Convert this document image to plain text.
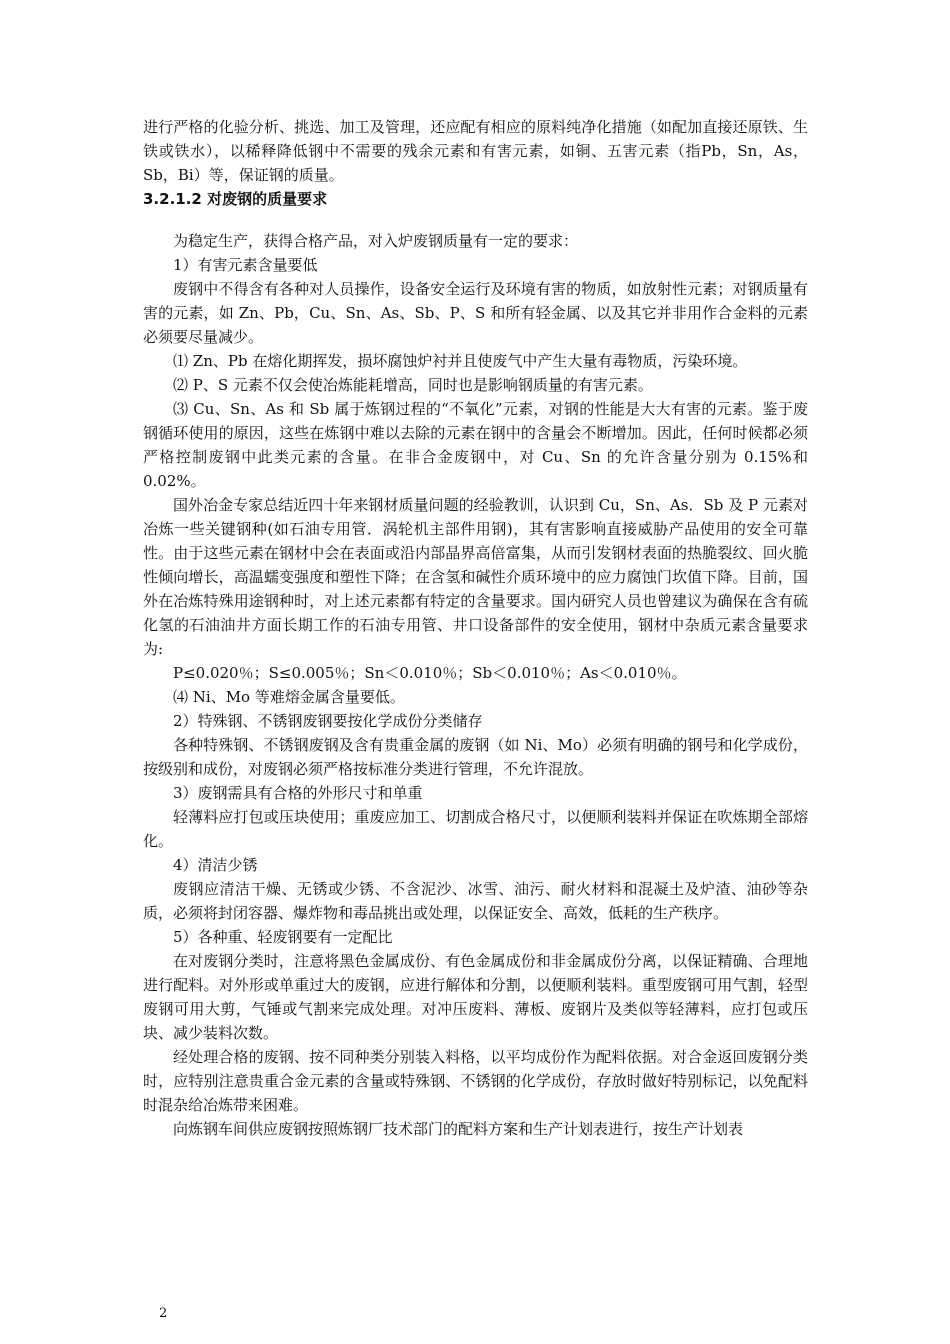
进行严格的化验分析、挑选、加工及管理，还应配有相应的原料纯净化措施（如配加直接还原铁、生铁或铁水），以稀释降低钢中不需要的残余元素和有害元素，如铜、五害元素（指Pb，Sn，As，Sb，Bi）等，保证钢的质量。

3.2.1.2 对废钢的质量要求

为稳定生产，获得合格产品，对入炉废钢质量有一定的要求：

1）有害元素含量要低

废钢中不得含有各种对人员操作，设备安全运行及环境有害的物质，如放射性元素；对钢质量有害的元素，如 Zn、Pb，Cu、Sn、As、Sb、P、S 和所有轻金属、以及其它并非用作合金料的元素必须要尽量减少。

⑴ Zn、Pb 在熔化期挥发，损坏腐蚀炉衬并且使废气中产生大量有毒物质，污染环境。

⑵ P、S 元素不仅会使冶炼能耗增高，同时也是影响钢质量的有害元素。

⑶ Cu、Sn、As 和 Sb 属于炼钢过程的“不氧化”元素，对钢的性能是大大有害的元素。鉴于废钢循环使用的原因，这些在炼钢中难以去除的元素在钢中的含量会不断增加。因此，任何时候都必须严格控制废钢中此类元素的含量。在非合金废钢中，对 Cu、Sn 的允许含量分别为 0.15%和 0.02%。

国外冶金专家总结近四十年来钢材质量问题的经验教训，认识到 Cu，Sn、As．Sb 及 P 元素对冶炼一些关键钢种(如石油专用管．涡轮机主部件用钢)，其有害影响直接威胁产品使用的安全可靠性。由于这些元素在钢材中会在表面或沿内部晶界高倍富集，从而引发钢材表面的热脆裂纹、回火脆性倾向增长，高温蠕变强度和塑性下降；在含氢和碱性介质环境中的应力腐蚀门坎值下降。目前，国外在冶炼特殊用途钢种时，对上述元素都有特定的含量要求。国内研究人员也曾建议为确保在含有硫化氢的石油油井方面长期工作的石油专用管、井口设备部件的安全使用，钢材中杂质元素含量要求为:

P≤0.020％；S≤0.005％；Sn＜0.010％；Sb＜0.010％；As＜0.010％。

⑷ Ni、Mo 等难熔金属含量要低。

2）特殊钢、不锈钢废钢要按化学成份分类储存

各种特殊钢、不锈钢废钢及含有贵重金属的废钢（如 Ni、Mo）必须有明确的钢号和化学成份，按级别和成份，对废钢必须严格按标准分类进行管理，不允许混放。

3）废钢需具有合格的外形尺寸和单重

轻薄料应打包或压块使用；重废应加工、切割成合格尺寸，以便顺利装料并保证在吹炼期全部熔化。

4）清洁少锈

废钢应清洁干燥、无锈或少锈、不含泥沙、冰雪、油污、耐火材料和混凝土及炉渣、油砂等杂质，必须将封闭容器、爆炸物和毒品挑出或处理，以保证安全、高效，低耗的生产秩序。

5）各种重、轻废钢要有一定配比

在对废钢分类时，注意将黑色金属成份、有色金属成份和非金属成份分离，以保证精确、合理地进行配料。对外形或单重过大的废钢，应进行解体和分割，以便顺利装料。重型废钢可用气割，轻型废钢可用大剪，气锤或气割来完成处理。对冲压废料、薄板、废钢片及类似等轻薄料，应打包或压块、减少装料次数。

经处理合格的废钢、按不同种类分别装入料格，以平均成份作为配料依据。对合金返回废钢分类时，应特别注意贵重合金元素的含量或特殊钢、不锈钢的化学成份，存放时做好特别标记，以免配料时混杂给冶炼带来困难。

向炼钢车间供应废钢按照炼钢厂技术部门的配料方案和生产计划表进行，按生产计划表

2
